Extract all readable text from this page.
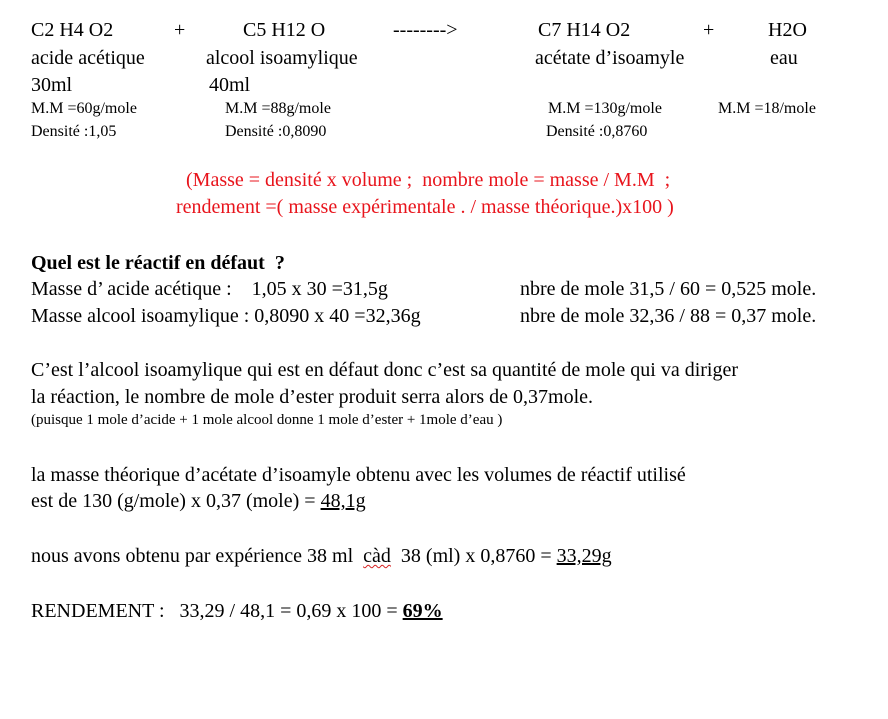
C2 H4 O2	+	C5 H12 O	-------->	C7 H14 O2	+	H2O
acide acétique	alcool isoamylique	acétate d’isoamyle	eau
30ml	40ml
M.M =60g/mole	M.M =88g/mole	M.M =130g/mole	M.M =18/mole
Densité :1,05	Densité :0,8090	Densité :0,8760
(Masse = densité x volume ;  nombre mole = masse / M.M  ;
rendement =( masse expérimentale . / masse théorique.)x100 )
Quel est le réactif en défaut  ?
Masse d’ acide acétique :    1,05 x 30 =31,5g	nbre de mole 31,5 / 60 = 0,525 mole.
Masse alcool isoamylique : 0,8090 x 40 =32,36g	nbre de mole 32,36 / 88 = 0,37 mole.
C’est l’alcool isoamylique qui est en défaut donc c’est sa quantité de mole qui va diriger
la réaction, le nombre de mole d’ester produit serra alors de 0,37mole.
(puisque 1 mole d’acide + 1 mole alcool donne 1 mole d’ester + 1mole d’eau )
la masse théorique d’acétate d’isoamyle obtenu avec les volumes de réactif utilisé
est de 130 (g/mole) x 0,37 (mole) = 48,1g
nous avons obtenu par expérience 38 ml  càd  38 (ml) x 0,8760 = 33,29g
RENDEMENT :   33,29 / 48,1 = 0,69 x 100 = 69%
